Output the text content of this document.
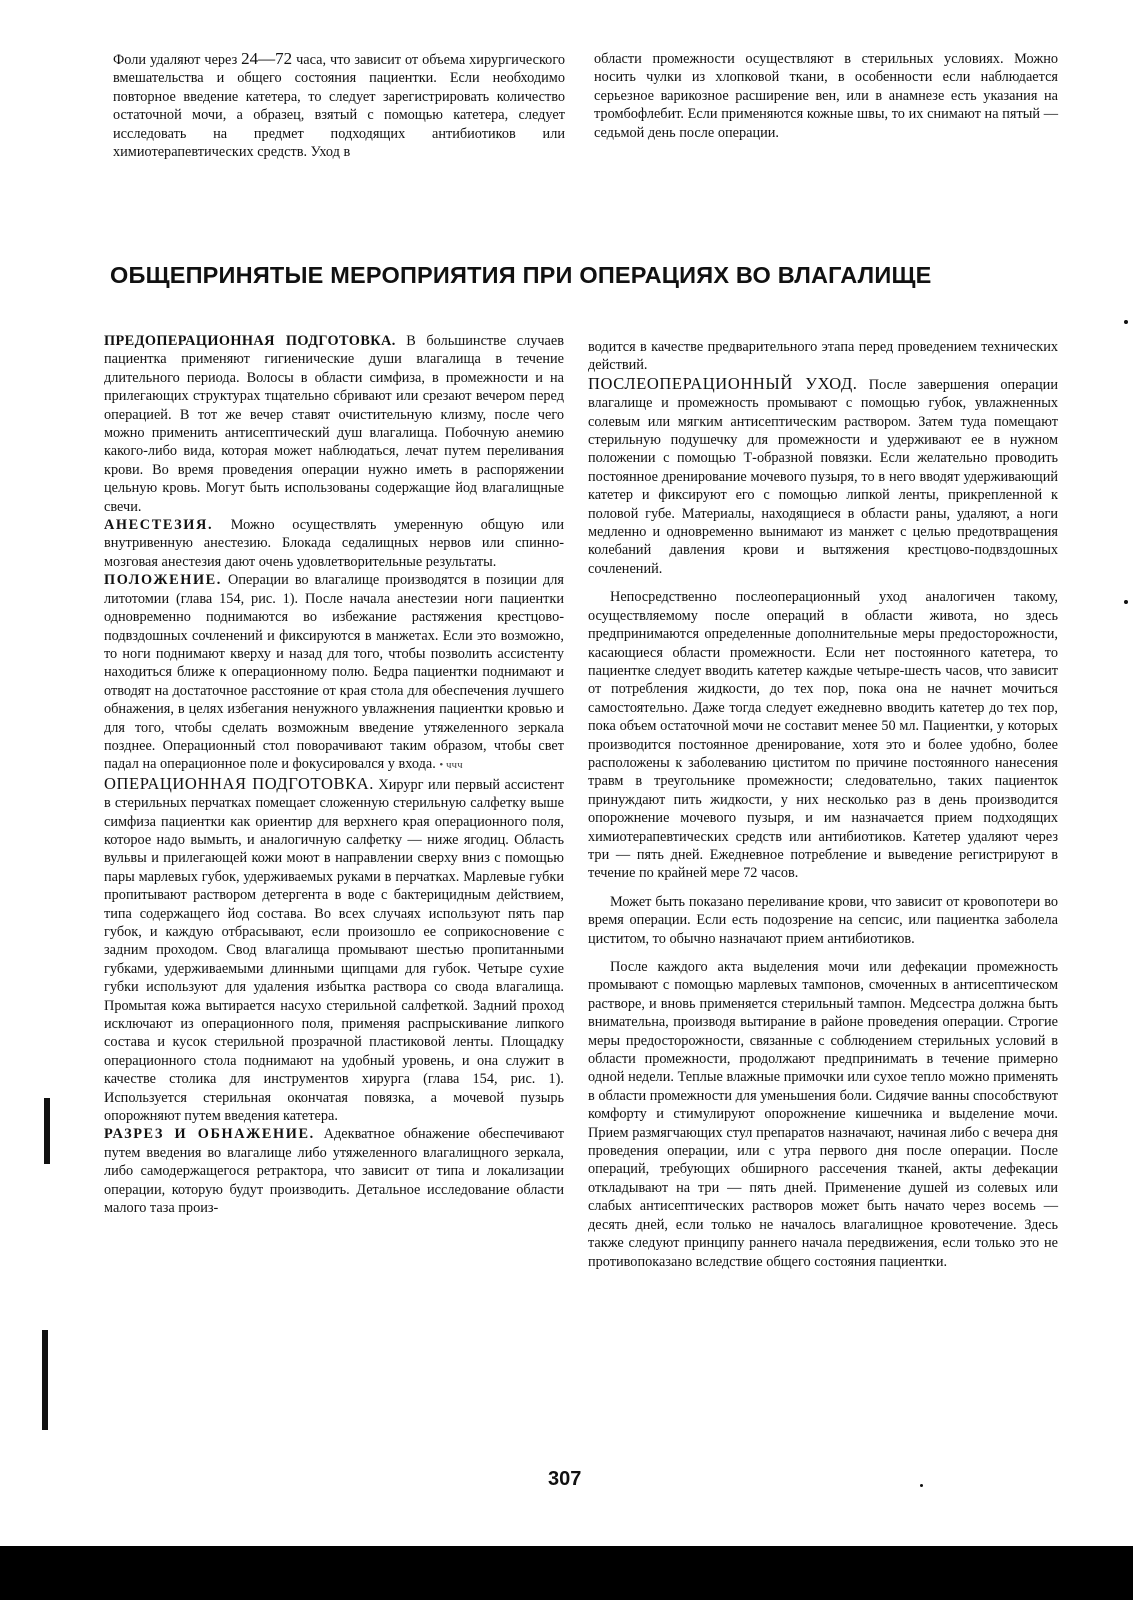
Фоли удаляют через 24—72 часа, что зависит от объема хирургического вмешательства и общего состояния пациентки. Если необходимо повторное введение катетера, то следует зарегистрировать количество остаточной мочи, а образец, взятый с помощью катетера, следует исследовать на предмет подходящих антибиотиков или химиотерапевтических средств. Уход в

области промежности осуществляют в стерильных условиях. Можно носить чулки из хлопковой ткани, в особенности если наблюдается серьезное варикозное расширение вен, или в анамнезе есть указания на тромбофлебит. Если применяются кожные швы, то их снимают на пятый — седьмой день после операции.

ОБЩЕПРИНЯТЫЕ МЕРОПРИЯТИЯ ПРИ ОПЕРАЦИЯХ ВО ВЛАГАЛИЩЕ

ПРЕДОПЕРАЦИОННАЯ ПОДГОТОВКА. В большинстве случаев пациентка применяют гигиенические души влагалища в течение длительного периода. Волосы в области симфиза, в промежности и на прилегающих структурах тщательно сбривают или срезают вечером перед операцией. В тот же вечер ставят очистительную клизму, после чего можно применить антисептический душ влагалища. Побочную анемию какого-либо вида, которая может наблюдаться, лечат путем переливания крови. Во время проведения операции нужно иметь в распоряжении цельную кровь. Могут быть использованы содержащие йод влагалищные свечи.

АНЕСТЕЗИЯ. Можно осуществлять умеренную общую или внутривенную анестезию. Блокада седалищных нервов или спинно-мозговая анестезия дают очень удовлетворительные результаты.

ПОЛОЖЕНИЕ. Операции во влагалище производятся в позиции для литотомии (глава 154, рис. 1). После начала анестезии ноги пациентки одновременно поднимаются во избежание растяжения крестцово-подвздошных сочленений и фиксируются в манжетах. Если это возможно, то ноги поднимают кверху и назад для того, чтобы позволить ассистенту находиться ближе к операционному полю. Бедра пациентки поднимают и отводят на достаточное расстояние от края стола для обеспечения лучшего обнажения, в целях избегания ненужного увлажнения пациентки кровью и для того, чтобы сделать возможным введение утяжеленного зеркала позднее. Операционный стол поворачивают таким образом, чтобы свет падал на операционное поле и фокусировался у входа. • ччч

ОПЕРАЦИОННАЯ ПОДГОТОВКА. Хирург или первый ассистент в стерильных перчатках помещает сложенную стерильную салфетку выше симфиза пациентки как ориентир для верхнего края операционного поля, которое надо вымыть, и аналогичную салфетку — ниже ягодиц. Область вульвы и прилегающей кожи моют в направлении сверху вниз с помощью пары марлевых губок, удерживаемых руками в перчатках. Марлевые губки пропитывают раствором детергента в воде с бактерицидным действием, типа содержащего йод состава. Во всех случаях используют пять пар губок, и каждую отбрасывают, если произошло ее соприкосновение с задним проходом. Свод влагалища промывают шестью пропитанными губками, удерживаемыми длинными щипцами для губок. Четыре сухие губки используют для удаления избытка раствора со свода влагалища. Промытая кожа вытирается насухо стерильной салфеткой. Задний проход исключают из операционного поля, применяя распрыскивание липкого состава и кусок стерильной прозрачной пластиковой ленты. Площадку операционного стола поднимают на удобный уровень, и она служит в качестве столика для инструментов хирурга (глава 154, рис. 1). Используется стерильная окончатая повязка, а мочевой пузырь опорожняют путем введения катетера.

РАЗРЕЗ И ОБНАЖЕНИЕ. Адекватное обнажение обеспечивают путем введения во влагалище либо утяжеленного влагалищного зеркала, либо самодержащегося ретрактора, что зависит от типа и локализации операции, которую будут производить. Детальное исследование области малого таза произ-

водится в качестве предварительного этапа перед проведением технических действий.

ПОСЛЕОПЕРАЦИОННЫЙ УХОД. После завершения операции влагалище и промежность промывают с помощью губок, увлажненных солевым или мягким антисептическим раствором. Затем туда помещают стерильную подушечку для промежности и удерживают ее в нужном положении с помощью Т-образной повязки. Если желательно проводить постоянное дренирование мочевого пузыря, то в него вводят удерживающий катетер и фиксируют его с помощью липкой ленты, прикрепленной к половой губе. Материалы, находящиеся в области раны, удаляют, а ноги медленно и одновременно вынимают из манжет с целью предотвращения колебаний давления крови и вытяжения крестцово-подвздошных сочленений.

Непосредственно послеоперационный уход аналогичен такому, осуществляемому после операций в области живота, но здесь предпринимаются определенные дополнительные меры предосторожности, касающиеся области промежности. Если нет постоянного катетера, то пациентке следует вводить катетер каждые четыре-шесть часов, что зависит от потребления жидкости, до тех пор, пока она не начнет мочиться самостоятельно. Даже тогда следует ежедневно вводить катетер до тех пор, пока объем остаточной мочи не составит менее 50 мл. Пациентки, у которых производится постоянное дренирование, хотя это и более удобно, более расположены к заболеванию циститом по причине постоянного нанесения травм в треугольнике промежности; следовательно, таких пациенток принуждают пить жидкости, у них несколько раз в день производится опорожнение мочевого пузыря, и им назначается прием подходящих химиотерапевтических средств или антибиотиков. Катетер удаляют через три — пять дней. Ежедневное потребление и выведение регистрируют в течение по крайней мере 72 часов.

Может быть показано переливание крови, что зависит от кровопотери во время операции. Если есть подозрение на сепсис, или пациентка заболела циститом, то обычно назначают прием антибиотиков.

После каждого акта выделения мочи или дефекации промежность промывают с помощью марлевых тампонов, смоченных в антисептическом растворе, и вновь применяется стерильный тампон. Медсестра должна быть внимательна, производя вытирание в районе проведения операции. Строгие меры предосторожности, связанные с соблюдением стерильных условий в области промежности, продолжают предпринимать в течение примерно одной недели. Теплые влажные примочки или сухое тепло можно применять в области промежности для уменьшения боли. Сидячие ванны способствуют комфорту и стимулируют опорожнение кишечника и выделение мочи. Прием размягчающих стул препаратов назначают, начиная либо с вечера дня проведения операции, или с утра первого дня после операции. После операций, требующих обширного рассечения тканей, акты дефекации откладывают на три — пять дней. Применение душей из солевых или слабых антисептических растворов может быть начато через восемь — десять дней, если только не началось влагалищное кровотечение. Здесь также следуют принципу раннего начала передвижения, если только это не противопоказано вследствие общего состояния пациентки.

307
